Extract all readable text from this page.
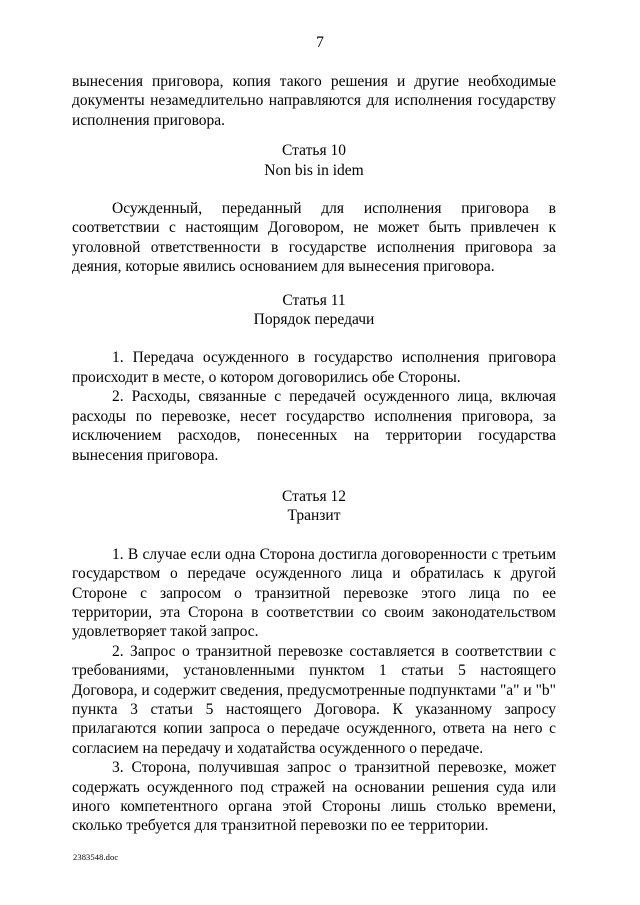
7

вынесения приговора, копия такого решения и другие необходимые документы незамедлительно направляются для исполнения государству исполнения приговора.

Статья 10
Non bis in idem

Осужденный, переданный для исполнения приговора в соответствии с настоящим Договором, не может быть привлечен к уголовной ответственности в государстве исполнения приговора за деяния, которые явились основанием для вынесения приговора.

Статья 11
Порядок передачи

1. Передача осужденного в государство исполнения приговора происходит в месте, о котором договорились обе Стороны.

2. Расходы, связанные с передачей осужденного лица, включая расходы по перевозке, несет государство исполнения приговора, за исключением расходов, понесенных на территории государства вынесения приговора.

Статья 12
Транзит

1. В случае если одна Сторона достигла договоренности с третьим государством о передаче осужденного лица и обратилась к другой Стороне с запросом о транзитной перевозке этого лица по ее территории, эта Сторона в соответствии со своим законодательством удовлетворяет такой запрос.

2. Запрос о транзитной перевозке составляется в соответствии с требованиями, установленными пунктом 1 статьи 5 настоящего Договора, и содержит сведения, предусмотренные подпунктами "а" и "b" пункта 3 статьи 5 настоящего Договора. К указанному запросу прилагаются копии запроса о передаче осужденного, ответа на него с согласием на передачу и ходатайства осужденного о передаче.

3. Сторона, получившая запрос о транзитной перевозке, может содержать осужденного под стражей на основании решения суда или иного компетентного органа этой Стороны лишь столько времени, сколько требуется для транзитной перевозки по ее территории.

2383548.doc
